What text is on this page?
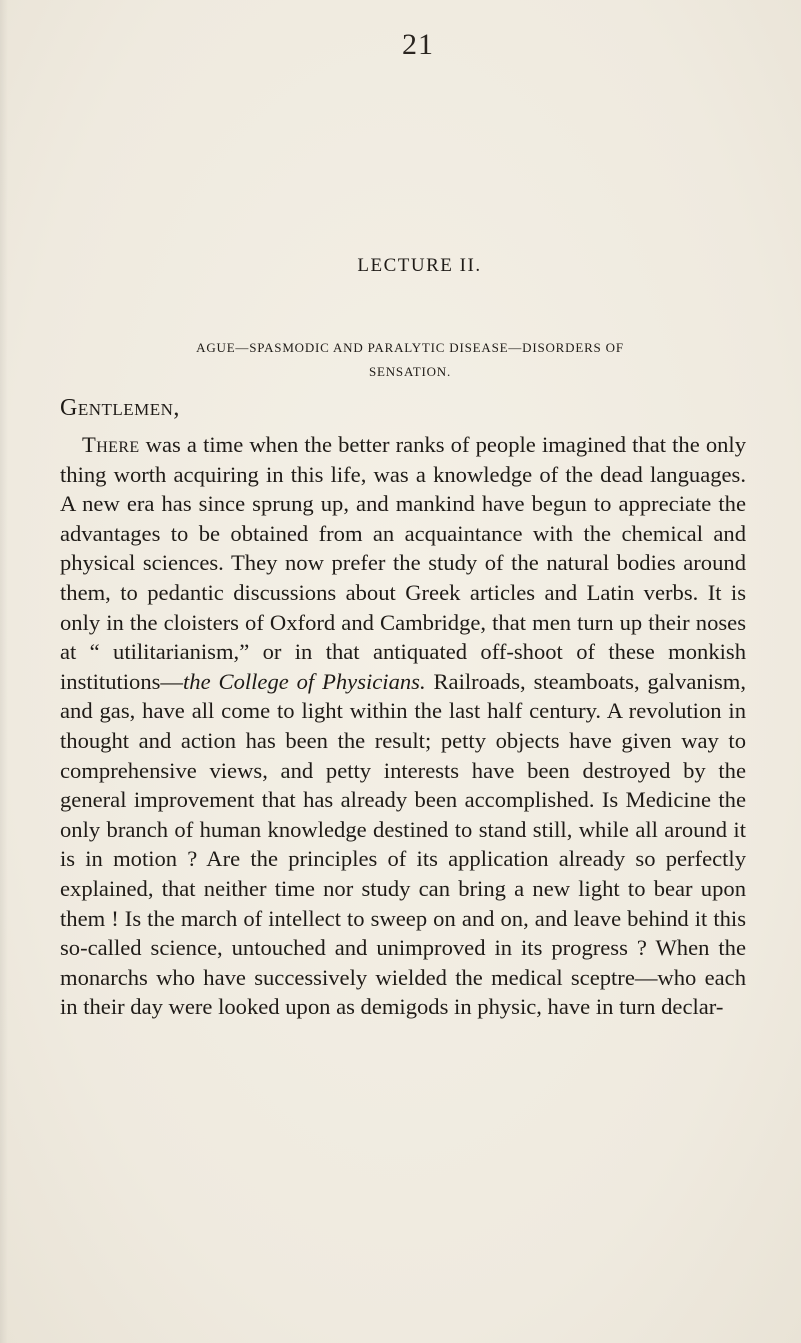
21
LECTURE II.
AGUE—SPASMODIC AND PARALYTIC DISEASE—DISORDERS OF
SENSATION.
Gentlemen,
There was a time when the better ranks of people imagined that the only thing worth acquiring in this life, was a knowledge of the dead languages. A new era has since sprung up, and mankind have begun to appreciate the advantages to be obtained from an acquaintance with the chemical and physical sciences. They now prefer the study of the natural bodies around them, to pedantic discussions about Greek articles and Latin verbs. It is only in the cloisters of Oxford and Cambridge, that men turn up their noses at “ utilitarianism,” or in that antiquated off-shoot of these monkish institutions—the College of Physicians. Railroads, steamboats, galvanism, and gas, have all come to light within the last half century. A revolution in thought and action has been the result; petty objects have given way to comprehensive views, and petty interests have been destroyed by the general improvement that has already been accomplished. Is Medicine the only branch of human knowledge destined to stand still, while all around it is in motion ? Are the principles of its application already so perfectly explained, that neither time nor study can bring a new light to bear upon them ! Is the march of intellect to sweep on and on, and leave behind it this so-called science, untouched and unimproved in its progress ? When the monarchs who have successively wielded the medical sceptre—who each in their day were looked upon as demigods in physic, have in turn declar-
